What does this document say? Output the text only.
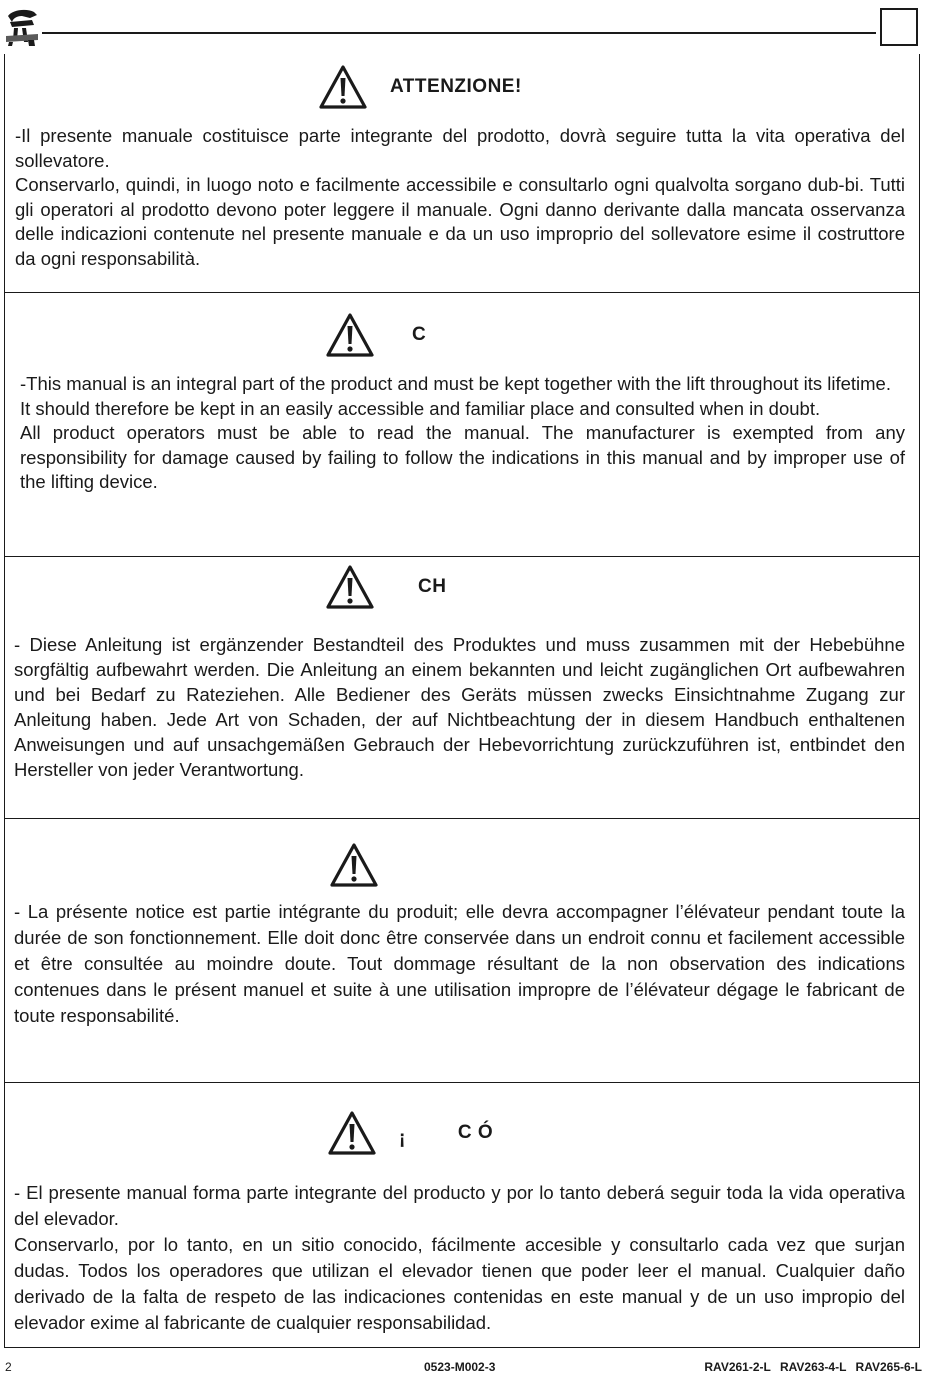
ATTENZIONE!

-Il presente manuale costituisce parte integrante del prodotto, dovrà seguire tutta la vita operativa del sollevatore.

Conservarlo, quindi, in luogo noto e facilmente accessibile e consultarlo ogni qualvolta sorgano dub-bi. Tutti gli operatori al prodotto devono poter leggere il manuale. Ogni danno derivante dalla mancata osservanza delle indicazioni contenute nel presente manuale e da un uso improprio del sollevatore esime il costruttore da ogni responsabilità.

C

-This manual is an integral part of the product and must be kept together with the lift throughout its lifetime.

It should therefore be kept in an easily accessible and familiar place and consulted when in doubt.

All product operators must be able to read the manual. The manufacturer is exempted from any responsibility for damage caused by failing to follow the indications in this manual and by improper use of the lifting device.

CH

- Diese Anleitung ist ergänzender Bestandteil des Produktes und muss zusammen mit der Hebebühne sorgfältig aufbewahrt werden. Die Anleitung an einem bekannten und leicht zugänglichen Ort aufbewahren und bei Bedarf zu Rateziehen. Alle Bediener des Geräts müssen zwecks Einsichtnahme Zugang zur Anleitung haben. Jede Art von Schaden, der auf Nichtbeachtung der in diesem Handbuch enthaltenen Anweisungen und auf unsachgemäßen Gebrauch der Hebevorrichtung zurückzuführen ist, entbindet den Hersteller von jeder Verantwortung.

- La présente notice est partie intégrante du produit; elle devra accompagner l’élévateur pendant toute la durée de son fonctionnement. Elle doit donc être conservée dans un endroit connu et facilement accessible et être consultée au moindre doute. Tout dommage résultant de la non observation des indications contenues dans le présent manuel et suite à une utilisation impropre de l’élévateur dégage le fabricant de toute responsabilité.

¡	C Ó

- El presente manual forma parte integrante del producto y por lo tanto deberá seguir toda la vida operativa del elevador.

Conservarlo, por lo tanto, en un sitio conocido, fácilmente accesible y consultarlo cada vez que surjan dudas. Todos los operadores que utilizan el elevador tienen que poder leer el manual. Cualquier daño derivado de la falta de respeto de las indicaciones contenidas en este manual y de un uso impropio del elevador exime al fabricante de cualquier responsabilidad.

2	0523-M002-3	RAV261-2-L RAV263-4-L RAV265-6-L
